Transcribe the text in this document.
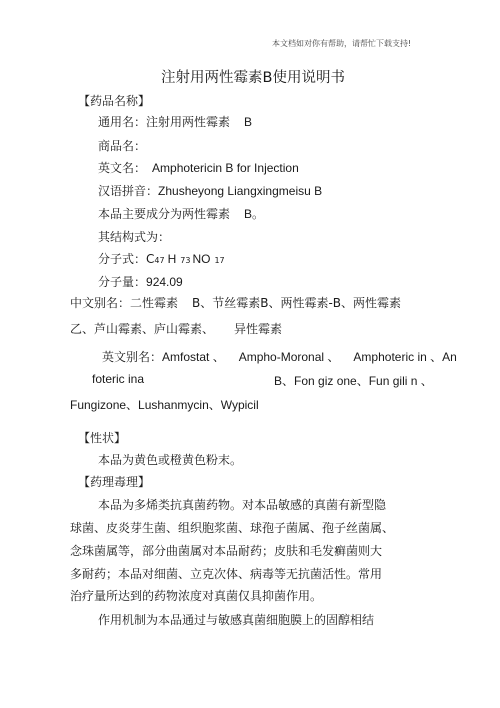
本文档如对你有帮助，请帮忙下载支持!
注射用两性霉素B使用说明书
【药品名称】
通用名：注射用两性霉素 B
商品名：
英文名： Amphotericin B for Injection
汉语拼音：Zhusheyong Liangxingmeisu B
本品主要成分为两性霉素 B。
其结构式为：
分子式：C47 H 73 NO 17
分子量：924.09
中文别名：二性霉素 B、节丝霉素B、两性霉素-B、两性霉素
乙、芦山霉素、庐山霉素、 异性霉素
英文别名：Amfostat 、 Ampho-Moronal 、 Amphoteric in 、An
foteric ina	B、Fon giz one、Fun gili n 、
Fungizone、Lushanmycin、Wypicil
【性状】
本品为黄色或橙黄色粉末。
【药理毒理】
本品为多烯类抗真菌药物。对本品敏感的真菌有新型隐
球菌、皮炎芽生菌、组织胞浆菌、球孢子菌属、孢子丝菌属、
念珠菌属等，部分曲菌属对本品耐药；皮肤和毛发癣菌则大
多耐药；本品对细菌、立克次体、病毒等无抗菌活性。常用
治疗量所达到的药物浓度对真菌仅具抑菌作用。
作用机制为本品通过与敏感真菌细胞膜上的固醇相结
